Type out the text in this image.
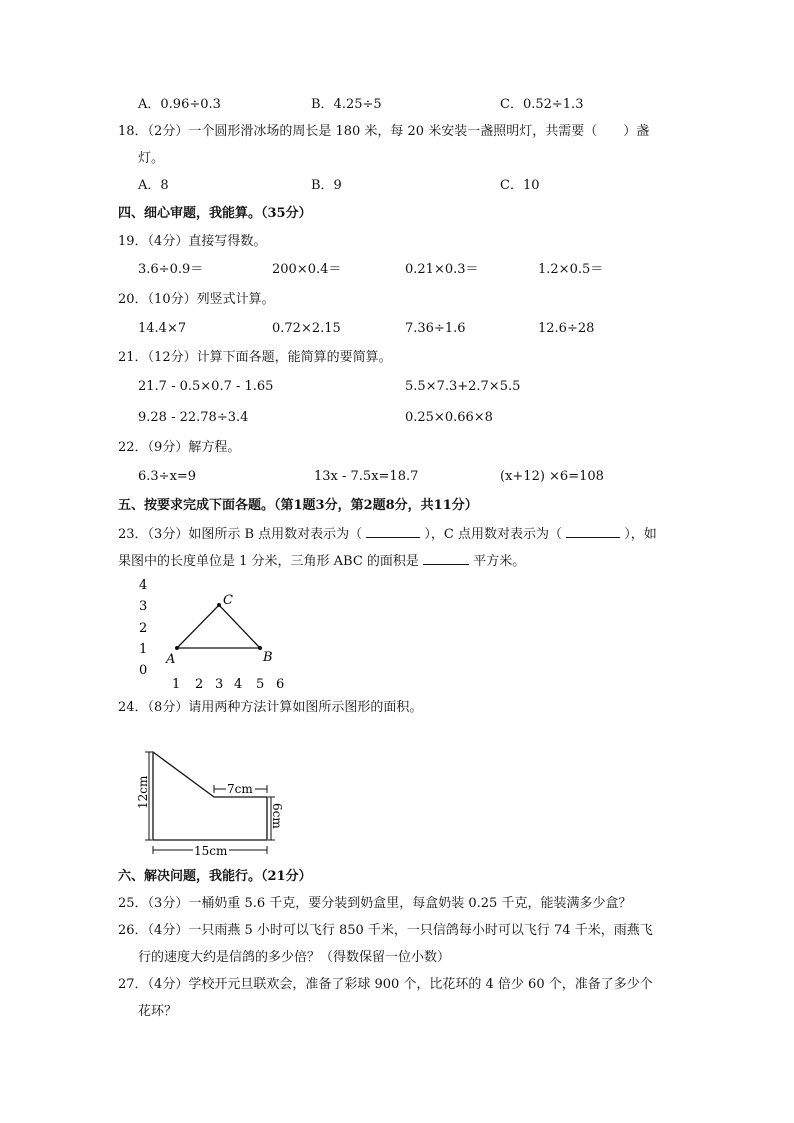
A．0.96÷0.3	B．4.25÷5	C．0.52÷1.3
18．（2分）一个圆形滑冰场的周长是 180 米，每 20 米安装一盏照明灯，共需要（　　）盏
灯。
A．8	B．9	C．10
四、细心审题，我能算。（35分）
19．（4分）直接写得数。
3.6÷0.9＝	200×0.4＝	0.21×0.3＝	1.2×0.5＝
20．（10分）列竖式计算。
14.4×7	0.72×2.15	7.36÷1.6	12.6÷28
21．（12分）计算下面各题，能简算的要简算。
21.7 - 0.5×0.7 - 1.65	5.5×7.3+2.7×5.5
9.28 - 22.78÷3.4	0.25×0.66×8
22．（9分）解方程。
6.3÷x=9	13x - 7.5x=18.7	(x+12) ×6=108
五、按要求完成下面各题。（第1题3分，第2题8分，共11分）
23．（3分）如图所示 B 点用数对表示为（	），C 点用数对表示为（	），如
果图中的长度单位是 1 分米，三角形 ABC 的面积是	平方米。
4
3
2
1
0
1 2 3 4 5 6
A	B
C
24．（8分）请用两种方法计算如图所示图形的面积。
12cm	7cm
6cm
15cm
六、解决问题，我能行。（21分）
25．（3分）一桶奶重 5.6 千克，要分装到奶盒里，每盒奶装 0.25 千克，能装满多少盒？
26．（4分）一只雨燕 5 小时可以飞行 850 千米，一只信鸽每小时可以飞行 74 千米，雨燕飞
行的速度大约是信鸽的多少倍？（得数保留一位小数）
27．（4分）学校开元旦联欢会，准备了彩球 900 个，比花环的 4 倍少 60 个，准备了多少个
花环？
